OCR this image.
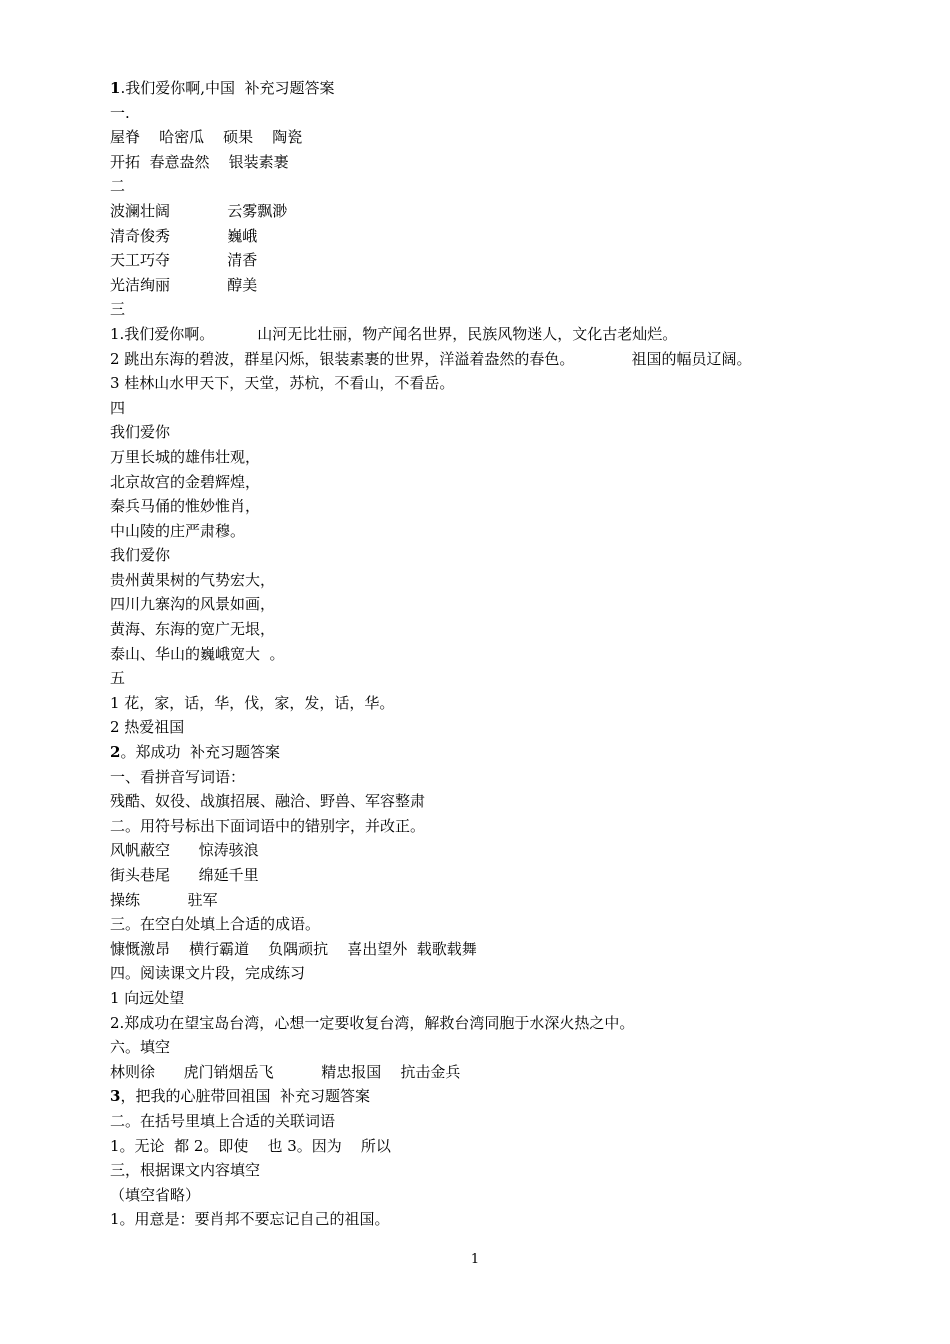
1.我们爱你啊,中国  补充习题答案
一.
屋脊    哈密瓜    硕果    陶瓷
开拓  春意盎然    银装素裹
二
波澜壮阔            云雾飘渺
清奇俊秀            巍峨
天工巧夺            清香
光洁绚丽            醇美
三
1.我们爱你啊。         山河无比壮丽，物产闻名世界，民族风物迷人，文化古老灿烂。
2 跳出东海的碧波，群星闪烁，银装素裹的世界，洋溢着盎然的春色。            祖国的幅员辽阔。
3 桂林山水甲天下，天堂，苏杭，不看山，不看岳。
四
我们爱你
万里长城的雄伟壮观，
北京故宫的金碧辉煌，
秦兵马俑的惟妙惟肖，
中山陵的庄严肃穆。
我们爱你
贵州黄果树的气势宏大，
四川九寨沟的风景如画，
黄海、东海的宽广无垠，
泰山、华山的巍峨宽大  。
五
1 花，家，话，华，伐，家，发，话，华。
2 热爱祖国
2。郑成功  补充习题答案
一、看拼音写词语：
残酷、奴役、战旗招展、融洽、野兽、军容整肃
二。用符号标出下面词语中的错别字，并改正。
风帆蔽空      惊涛骇浪
街头巷尾      绵延千里
操练          驻军
三。在空白处填上合适的成语。
慷慨激昂    横行霸道    负隅顽抗    喜出望外  载歌载舞
四。阅读课文片段，完成练习
1 向远处望
2.郑成功在望宝岛台湾，心想一定要收复台湾，解救台湾同胞于水深火热之中。
六。填空
林则徐      虎门销烟岳飞          精忠报国    抗击金兵
3，把我的心脏带回祖国  补充习题答案
二。在括号里填上合适的关联词语
1。无论  都 2。即使    也 3。因为    所以
三，根据课文内容填空
（填空省略）
1。用意是：要肖邦不要忘记自己的祖国。
1
